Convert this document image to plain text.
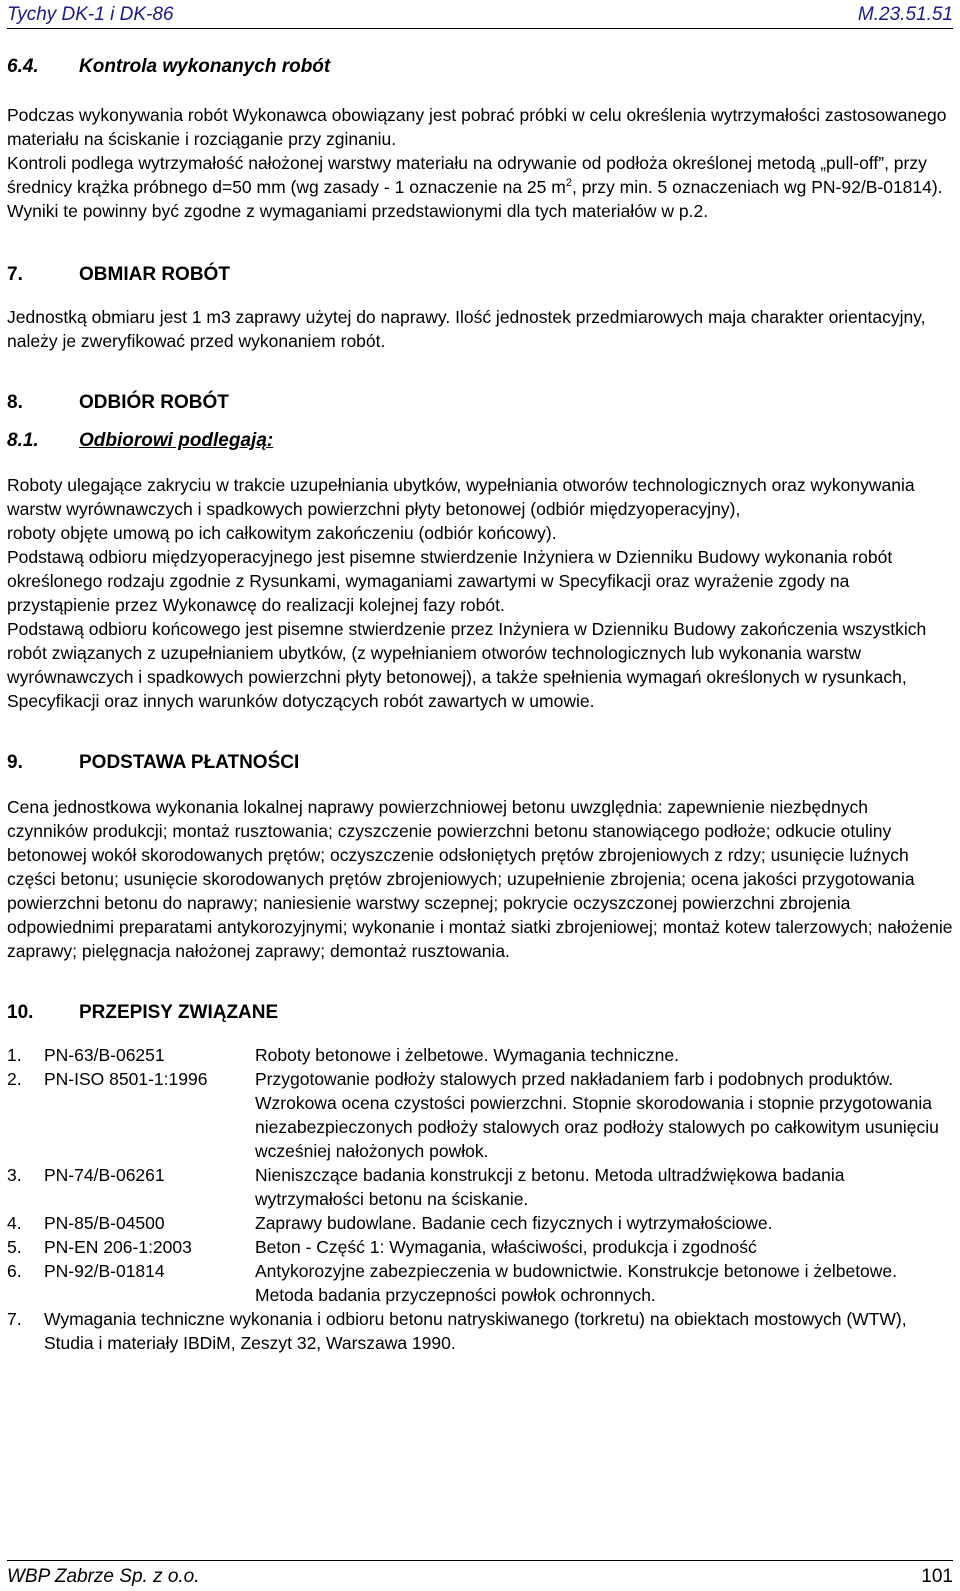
Tychy DK-1 i DK-86	M.23.51.51
6.4.	Kontrola wykonanych robót

Podczas wykonywania robót Wykonawca obowiązany jest pobrać próbki w celu określenia wytrzymałości zastosowanego materiału na ściskanie i rozciąganie przy zginaniu.

Kontroli podlega wytrzymałość nałożonej warstwy materiału na odrywanie od podłoża określonej metodą „pull-off”, przy średnicy krążka próbnego d=50 mm (wg zasady - 1 oznaczenie na 25 $m^2$, przy min. 5 oznaczeniach wg PN-92/B-01814).

Wyniki te powinny być zgodne z wymaganiami przedstawionymi dla tych materiałów w p.2.

7.	OBMIAR ROBÓT

Jednostką obmiaru jest 1 m3 zaprawy użytej do naprawy. Ilość jednostek przedmiarowych maja charakter orientacyjny, należy je zweryfikować przed wykonaniem robót.

8.	ODBIÓR ROBÓT
8.1.	Odbiorowi podlegają:

Roboty ulegające zakryciu w trakcie uzupełniania ubytków, wypełniania otworów technologicznych oraz wykonywania warstw wyrównawczych i spadkowych powierzchni płyty betonowej (odbiór międzyoperacyjny),

roboty objęte umową po ich całkowitym zakończeniu (odbiór końcowy).

Podstawą odbioru międzyoperacyjnego jest pisemne stwierdzenie Inżyniera w Dzienniku Budowy wykonania robót określonego rodzaju zgodnie z Rysunkami, wymaganiami zawartymi w Specyfikacji oraz wyrażenie zgody na przystąpienie przez Wykonawcę do realizacji kolejnej fazy robót.

Podstawą odbioru końcowego jest pisemne stwierdzenie przez Inżyniera w Dzienniku Budowy zakończenia wszystkich robót związanych z uzupełnianiem ubytków, (z wypełnianiem otworów technologicznych lub wykonania warstw wyrównawczych i spadkowych powierzchni płyty betonowej), a także spełnienia wymagań określonych w rysunkach, Specyfikacji oraz innych warunków dotyczących robót zawartych w umowie.

9.	PODSTAWA PŁATNOŚCI

Cena jednostkowa wykonania lokalnej naprawy powierzchniowej betonu uwzględnia: zapewnienie niezbędnych czynników produkcji; montaż rusztowania; czyszczenie powierzchni betonu stanowiącego podłoże; odkucie otuliny betonowej wokół skorodowanych prętów; oczyszczenie odsłoniętych prętów zbrojeniowych z rdzy; usunięcie luźnych części betonu; usunięcie skorodowanych prętów zbrojeniowych; uzupełnienie zbrojenia; ocena jakości przygotowania powierzchni betonu do naprawy; naniesienie warstwy sczepnej; pokrycie oczyszczonej powierzchni zbrojenia odpowiednimi preparatami antykorozyjnymi; wykonanie i montaż siatki zbrojeniowej; montaż kotew talerzowych; nałożenie zaprawy; pielęgnacja nałożonej zaprawy; demontaż rusztowania.

10.	PRZEPISY ZWIĄZANE
1.	PN-63/B-06251	Roboty betonowe i żelbetowe. Wymagania techniczne.
2.	PN-ISO 8501-1:1996	Przygotowanie podłoży stalowych przed nakładaniem farb i podobnych produktów. Wzrokowa ocena czystości powierzchni. Stopnie skorodowania i stopnie przygotowania niezabezpieczonych podłoży stalowych oraz podłoży stalowych po całkowitym usunięciu wcześniej nałożonych powłok.
3.	PN-74/B-06261	Nieniszczące badania konstrukcji z betonu. Metoda ultradźwiękowa badania wytrzymałości betonu na ściskanie.
4.	PN-85/B-04500	Zaprawy budowlane. Badanie cech fizycznych i wytrzymałościowe.
5.	PN-EN 206-1:2003	Beton - Część 1: Wymagania, właściwości, produkcja i zgodność
6.	PN-92/B-01814	Antykorozyjne zabezpieczenia w budownictwie. Konstrukcje betonowe i żelbetowe. Metoda badania przyczepności powłok ochronnych.
7.	Wymagania techniczne wykonania i odbioru betonu natryskiwanego (torkretu) na obiektach mostowych (WTW), Studia i materiały IBDiM, Zeszyt 32, Warszawa 1990.
WBP Zabrze Sp. z o.o.	101
